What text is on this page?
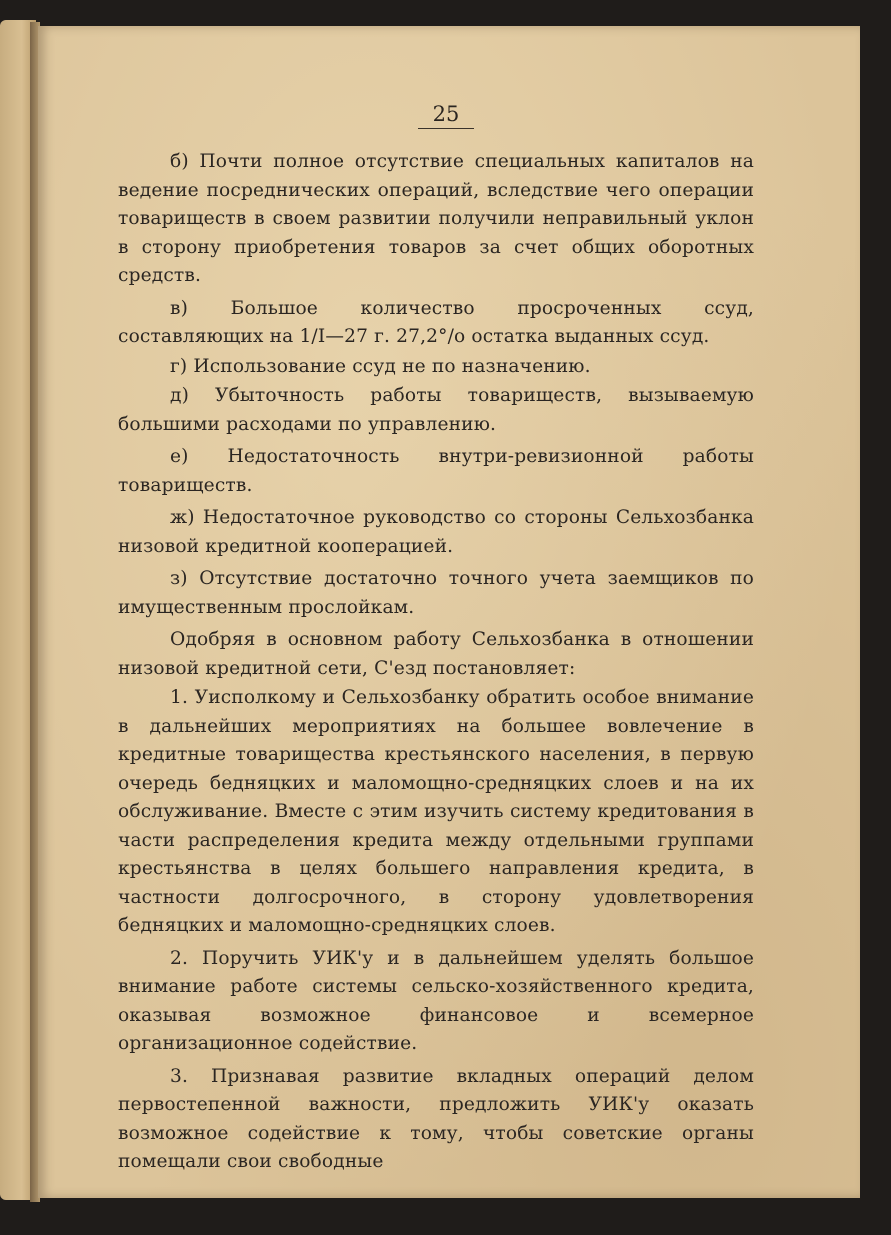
25

б) Почти полное отсутствие специальных капиталов на ведение посреднических операций, вследствие чего операции товариществ в своем развитии получили неправильный уклон в сторону приобретения товаров за счет общих оборотных средств.

в) Большое количество просроченных ссуд, составляющих на 1/I—27 г. 27,2°/о остатка выданных ссуд.

г) Использование ссуд не по назначению.

д) Убыточность работы товариществ, вызываемую большими расходами по управлению.

е) Недостаточность внутри-ревизионной работы товариществ.

ж) Недостаточное руководство со стороны Сельхозбанка низовой кредитной кооперацией.

з) Отсутствие достаточно точного учета заемщиков по имущественным прослойкам.

Одобряя в основном работу Сельхозбанка в отношении низовой кредитной сети, С'езд постановляет:

1. Уисполкому и Сельхозбанку обратить особое внимание в дальнейших мероприятиях на большее вовлечение в кредитные товарищества крестьянского населения, в первую очередь бедняцких и маломощно-средняцких слоев и на их обслуживание. Вместе с этим изучить систему кредитования в части распределения кредита между отдельными группами крестьянства в целях большего направления кредита, в частности долгосрочного, в сторону удовлетворения бедняцких и маломощно-средняцких слоев.

2. Поручить УИК'у и в дальнейшем уделять большое внимание работе системы сельско-хозяйственного кредита, оказывая возможное финансовое и всемерное организационное содействие.

3. Признавая развитие вкладных операций делом первостепенной важности, предложить УИК'у оказать возможное содействие к тому, чтобы советские органы помещали свои свободные
